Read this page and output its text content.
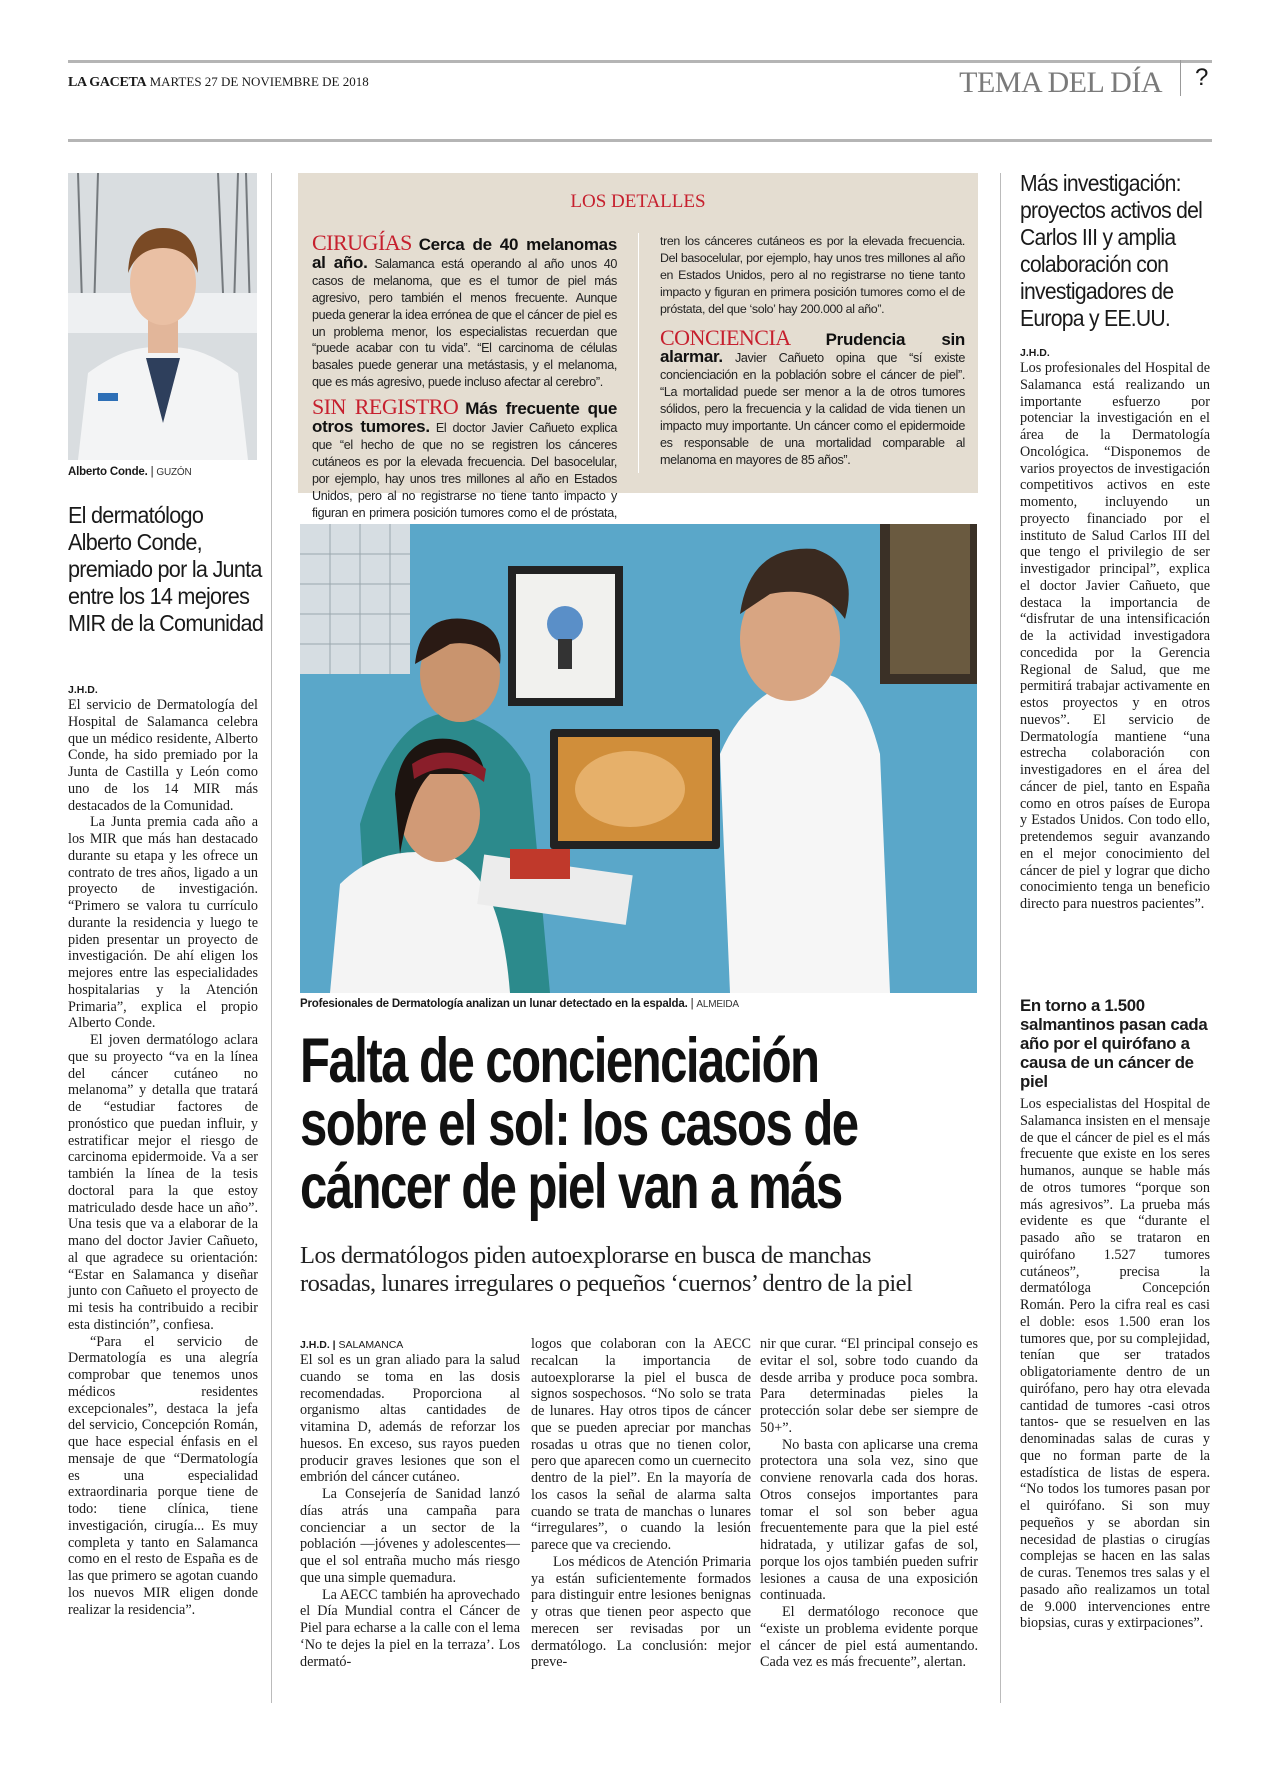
LA GACETA MARTES 27 DE NOVIEMBRE DE 2018	TEMA DEL DÍA ?
Alberto Conde. | GUZÓN
El dermatólogo Alberto Conde, premiado por la Junta entre los 14 mejores MIR de la Comunidad
J.H.D.

El servicio de Dermatología del Hospital de Salamanca celebra que un médico residente, Alberto Conde, ha sido premiado por la Junta de Castilla y León como uno de los 14 MIR más destacados de la Comunidad.

La Junta premia cada año a los MIR que más han destacado durante su etapa y les ofrece un contrato de tres años, ligado a un proyecto de investigación. “Primero se valora tu currículo durante la residencia y luego te piden presentar un proyecto de investigación. De ahí eligen los mejores entre las especialidades hospitalarias y la Atención Primaria”, explica el propio Alberto Conde.

El joven dermatólogo aclara que su proyecto “va en la línea del cáncer cutáneo no melanoma” y detalla que tratará de “estudiar factores de pronóstico que puedan influir, y estratificar mejor el riesgo de carcinoma epidermoide. Va a ser también la línea de la tesis doctoral para la que estoy matriculado desde hace un año”. Una tesis que va a elaborar de la mano del doctor Javier Cañueto, al que agradece su orientación: “Estar en Salamanca y diseñar junto con Cañueto el proyecto de mi tesis ha contribuido a recibir esta distinción”, confiesa.

“Para el servicio de Dermatología es una alegría comprobar que tenemos unos médicos residentes excepcionales”, destaca la jefa del servicio, Concepción Román, que hace especial énfasis en el mensaje de que “Dermatología es una especialidad extraordinaria porque tiene de todo: tiene clínica, tiene investigación, cirugía... Es muy completa y tanto en Salamanca como en el resto de España es de las que primero se agotan cuando los nuevos MIR eligen donde realizar la residencia”.

LOS DETALLES
CIRUGÍAS Cerca de 40 melanomas al año. Salamanca está operando al año unos 40 casos de melanoma, que es el tumor de piel más agresivo, pero también el menos frecuente. Aunque pueda generar la idea errónea de que el cáncer de piel es un problema menor, los especialistas recuerdan que “puede acabar con tu vida”. “El carcinoma de células basales puede generar una metástasis, y el melanoma, que es más agresivo, puede incluso afectar al cerebro”.
SIN REGISTRO Más frecuente que otros tumores. El doctor Javier Cañueto explica que “el hecho de que no se registren los cánceres cutáneos es por la elevada frecuencia. Del basocelular, por ejemplo, hay unos tres millones al año en Estados Unidos, pero al no registrarse no tiene tanto impacto y figuran en primera posición tumores como el de próstata,
tren los cánceres cutáneos es por la elevada frecuencia. Del basocelular, por ejemplo, hay unos tres millones al año en Estados Unidos, pero al no registrarse no tiene tanto impacto y figuran en primera posición tumores como el de próstata, del que ‘solo’ hay 200.000 al año”.
CONCIENCIA Prudencia sin alarmar. Javier Cañueto opina que “sí existe concienciación en la población sobre el cáncer de piel”. “La mortalidad puede ser menor a la de otros tumores sólidos, pero la frecuencia y la calidad de vida tienen un impacto muy importante. Un cáncer como el epidermoide es responsable de una mortalidad comparable al melanoma en mayores de 85 años”.
Profesionales de Dermatología analizan un lunar detectado en la espalda. | ALMEIDA
Falta de concienciación
sobre el sol: los casos de
cáncer de piel van a más
Los dermatólogos piden autoexplorarse en busca de manchas
rosadas, lunares irregulares o pequeños ‘cuernos’ dentro de la piel
J.H.D. | SALAMANCA

El sol es un gran aliado para la salud cuando se toma en las dosis recomendadas. Proporciona al organismo altas cantidades de vitamina D, además de reforzar los huesos. En exceso, sus rayos pueden producir graves lesiones que son el embrión del cáncer cutáneo.

La Consejería de Sanidad lanzó días atrás una campaña para concienciar a un sector de la población —jóvenes y adolescentes— que el sol entraña mucho más riesgo que una simple quemadura.

La AECC también ha aprovechado el Día Mundial contra el Cáncer de Piel para echarse a la calle con el lema ‘No te dejes la piel en la terraza’. Los dermató-

logos que colaboran con la AECC recalcan la importancia de autoexplorarse la piel el busca de signos sospechosos. “No solo se trata de lunares. Hay otros tipos de cáncer que se pueden apreciar por manchas rosadas u otras que no tienen color, pero que aparecen como un cuernecito dentro de la piel”. En la mayoría de los casos la señal de alarma salta cuando se trata de manchas o lunares “irregulares”, o cuando la lesión parece que va creciendo.

Los médicos de Atención Primaria ya están suficientemente formados para distinguir entre lesiones benignas y otras que tienen peor aspecto que merecen ser revisadas por un dermatólogo. La conclusión: mejor preve-

nir que curar. “El principal consejo es evitar el sol, sobre todo cuando da desde arriba y produce poca sombra. Para determinadas pieles la protección solar debe ser siempre de 50+”.

No basta con aplicarse una crema protectora una sola vez, sino que conviene renovarla cada dos horas. Otros consejos importantes para tomar el sol son beber agua frecuentemente para que la piel esté hidratada, y utilizar gafas de sol, porque los ojos también pueden sufrir lesiones a causa de una exposición continuada.

El dermatólogo reconoce que “existe un problema evidente porque el cáncer de piel está aumentando. Cada vez es más frecuente”, alertan.

Más investigación: proyectos activos del Carlos III y amplia colaboración con investigadores de Europa y EE.UU.
J.H.D.

Los profesionales del Hospital de Salamanca está realizando un importante esfuerzo por potenciar la investigación en el área de la Dermatología Oncológica. “Disponemos de varios proyectos de investigación competitivos activos en este momento, incluyendo un proyecto financiado por el instituto de Salud Carlos III del que tengo el privilegio de ser investigador principal”, explica el doctor Javier Cañueto, que destaca la importancia de “disfrutar de una intensificación de la actividad investigadora concedida por la Gerencia Regional de Salud, que me permitirá trabajar activamente en estos proyectos y en otros nuevos”. El servicio de Dermatología mantiene “una estrecha colaboración con investigadores en el área del cáncer de piel, tanto en España como en otros países de Europa y Estados Unidos. Con todo ello, pretendemos seguir avanzando en el mejor conocimiento del cáncer de piel y lograr que dicho conocimiento tenga un beneficio directo para nuestros pacientes”.

En torno a 1.500 salmantinos pasan cada año por el quirófano a causa de un cáncer de piel

Los especialistas del Hospital de Salamanca insisten en el mensaje de que el cáncer de piel es el más frecuente que existe en los seres humanos, aunque se hable más de otros tumores “porque son más agresivos”. La prueba más evidente es que “durante el pasado año se trataron en quirófano 1.527 tumores cutáneos”, precisa la dermatóloga Concepción Román. Pero la cifra real es casi el doble: esos 1.500 eran los tumores que, por su complejidad, tenían que ser tratados obligatoriamente dentro de un quirófano, pero hay otra elevada cantidad de tumores -casi otros tantos- que se resuelven en las denominadas salas de curas y que no forman parte de la estadística de listas de espera. “No todos los tumores pasan por el quirófano. Si son muy pequeños y se abordan sin necesidad de plastias o cirugías complejas se hacen en las salas de curas. Tenemos tres salas y el pasado año realizamos un total de 9.000 intervenciones entre biopsias, curas y extirpaciones”.
